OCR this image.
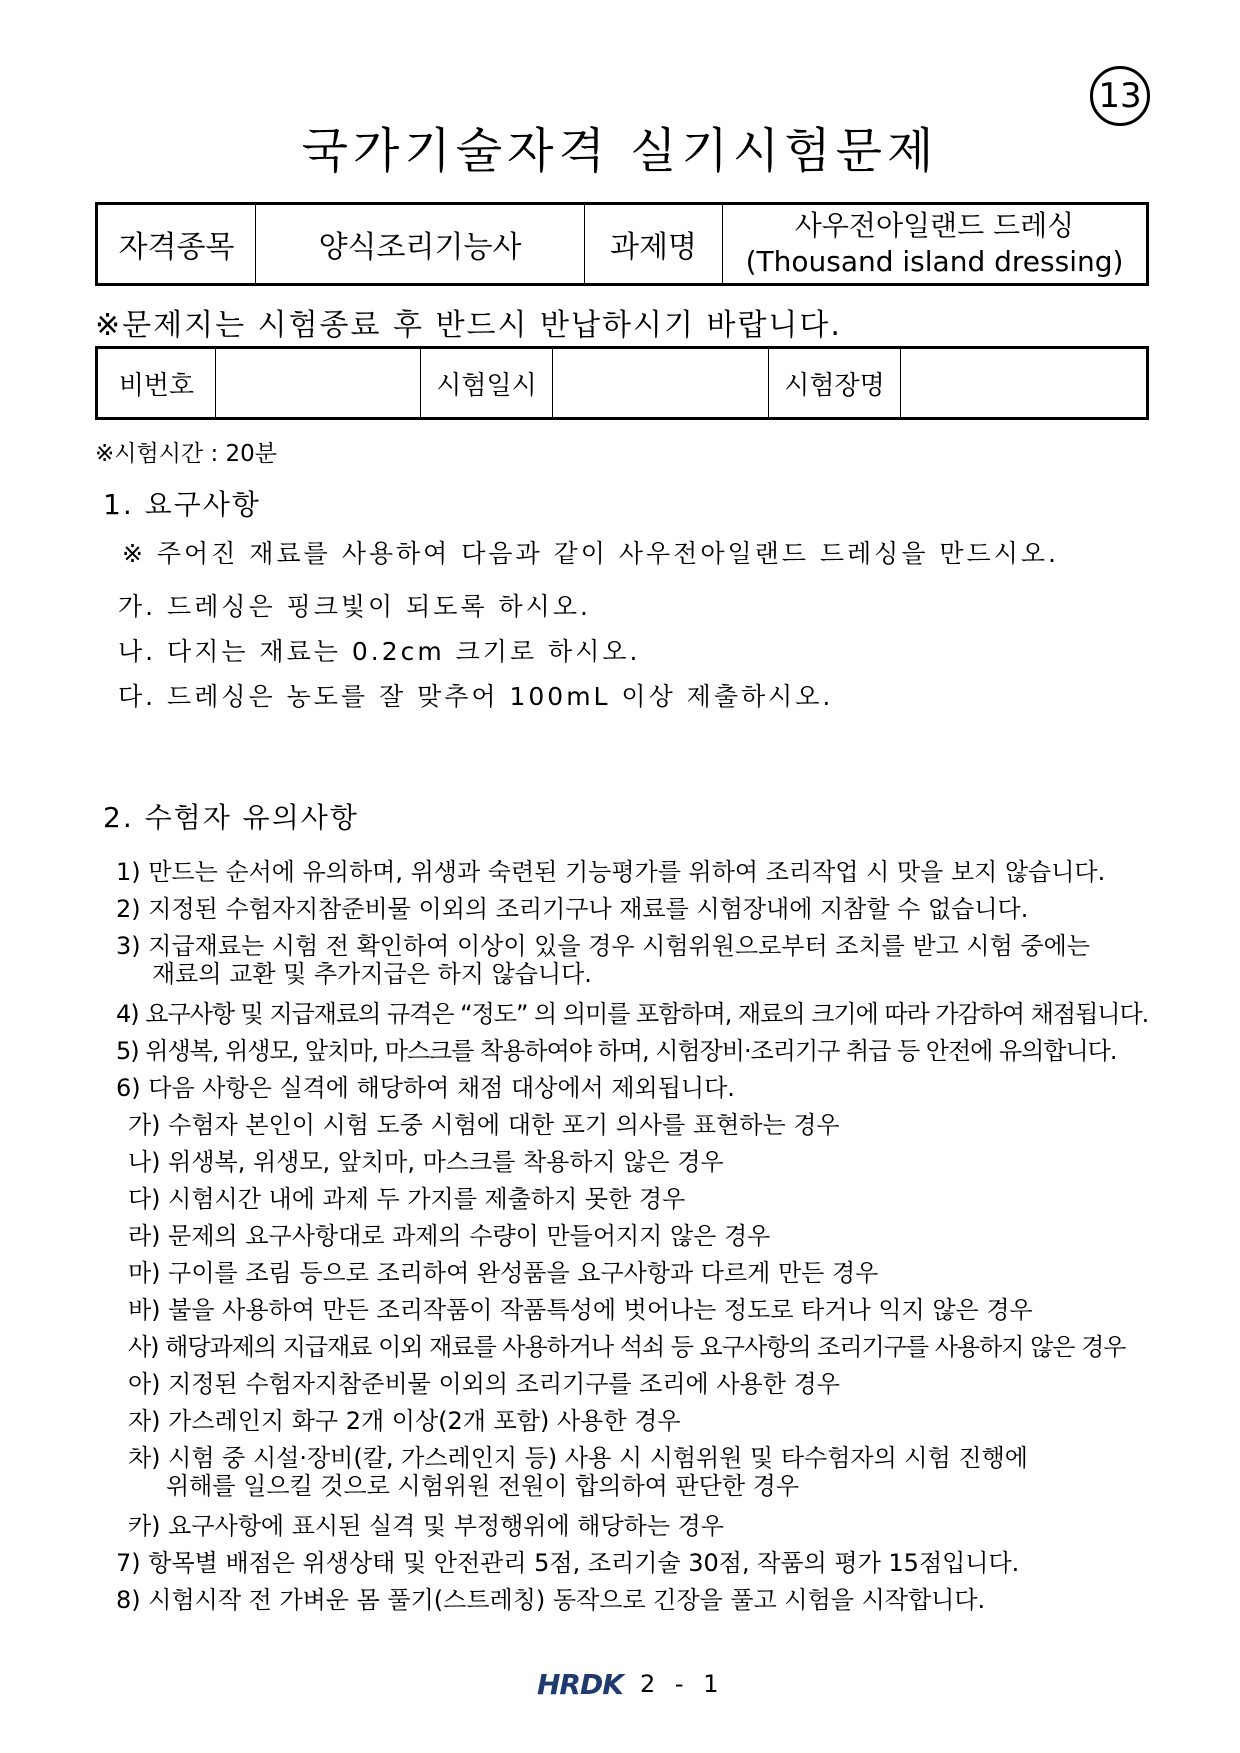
13
국가기술자격 실기시험문제
자격종목	양식조리기능사	과제명	
사우전아일랜드 드레싱
(Thousand island dressing)
※문제지는 시험종료 후 반드시 반납하시기 바랍니다.
비번호		시험일시		시험장명	
※시험시간 : 20분
1. 요구사항
※ 주어진 재료를 사용하여 다음과 같이 사우전아일랜드 드레싱을 만드시오.
가. 드레싱은 핑크빛이 되도록 하시오.
나. 다지는 재료는 0.2cm 크기로 하시오.
다. 드레싱은 농도를 잘 맞추어 100mL 이상 제출하시오.
2. 수험자 유의사항
1) 만드는 순서에 유의하며, 위생과 숙련된 기능평가를 위하여 조리작업 시 맛을 보지 않습니다.
2) 지정된 수험자지참준비물 이외의 조리기구나 재료를 시험장내에 지참할 수 없습니다.
3) 지급재료는 시험 전 확인하여 이상이 있을 경우 시험위원으로부터 조치를 받고 시험 중에는
재료의 교환 및 추가지급은 하지 않습니다.
4) 요구사항 및 지급재료의 규격은 “정도” 의 의미를 포함하며, 재료의 크기에 따라 가감하여 채점됩니다.
5) 위생복, 위생모, 앞치마, 마스크를 착용하여야 하며, 시험장비·조리기구 취급 등 안전에 유의합니다.
6) 다음 사항은 실격에 해당하여 채점 대상에서 제외됩니다.
가) 수험자 본인이 시험 도중 시험에 대한 포기 의사를 표현하는 경우
나) 위생복, 위생모, 앞치마, 마스크를 착용하지 않은 경우
다) 시험시간 내에 과제 두 가지를 제출하지 못한 경우
라) 문제의 요구사항대로 과제의 수량이 만들어지지 않은 경우
마) 구이를 조림 등으로 조리하여 완성품을 요구사항과 다르게 만든 경우
바) 불을 사용하여 만든 조리작품이 작품특성에 벗어나는 정도로 타거나 익지 않은 경우
사) 해당과제의 지급재료 이외 재료를 사용하거나 석쇠 등 요구사항의 조리기구를 사용하지 않은 경우
아) 지정된 수험자지참준비물 이외의 조리기구를 조리에 사용한 경우
자) 가스레인지 화구 2개 이상(2개 포함) 사용한 경우
차) 시험 중 시설·장비(칼, 가스레인지 등) 사용 시 시험위원 및 타수험자의 시험 진행에
위해를 일으킬 것으로 시험위원 전원이 합의하여 판단한 경우
카) 요구사항에 표시된 실격 및 부정행위에 해당하는 경우
7) 항목별 배점은 위생상태 및 안전관리 5점, 조리기술 30점, 작품의 평가 15점입니다.
8) 시험시작 전 가벼운 몸 풀기(스트레칭) 동작으로 긴장을 풀고 시험을 시작합니다.
HRDK 2 - 1
